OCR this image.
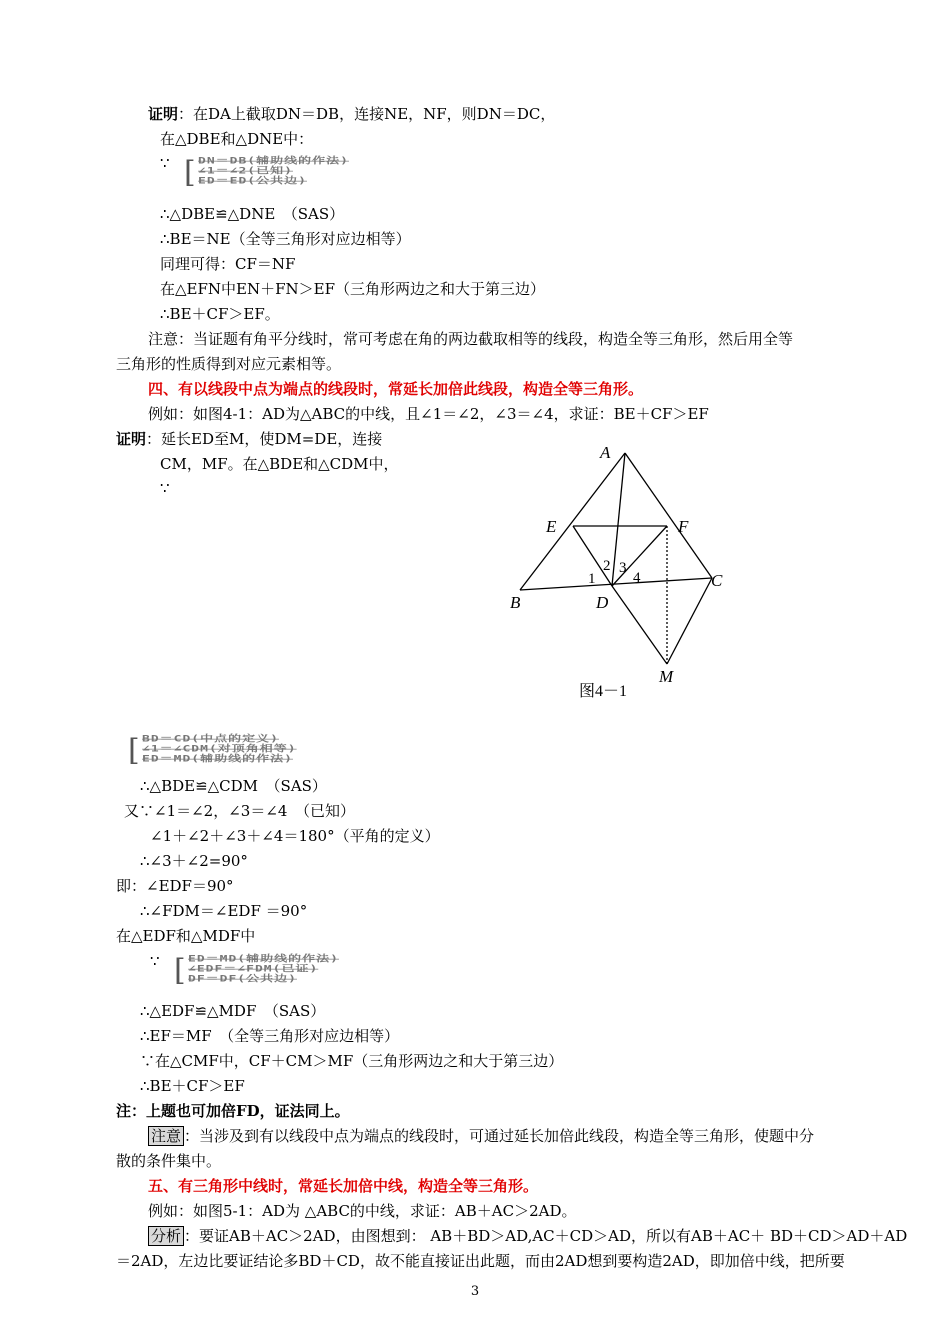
证明：在DA上截取DN＝DB，连接NE，NF，则DN＝DC，
在△DBE和△DNE中：
∵ [ DN＝DB(辅助线的作法)
∠1＝∠2(已知)
ED＝ED(公共边)
∴△DBE≌△DNE　（SAS）
∴BE＝NE（全等三角形对应边相等）
同理可得：CF＝NF
在△EFN中EN＋FN＞EF（三角形两边之和大于第三边）
∴BE＋CF＞EF。
注意：当证题有角平分线时，常可考虑在角的两边截取相等的线段，构造全等三角形，然后用全等
三角形的性质得到对应元素相等。
四、有以线段中点为端点的线段时，常延长加倍此线段，构造全等三角形。
例如：如图4-1：AD为△ABC的中线，且∠1＝∠2，∠3＝∠4，求证：BE＋CF＞EF
证明：延长ED至M，使DM=DE，连接
CM，MF。在△BDE和△CDM中，
∵
A
B
C
D
E	F
M
1
2 3
4
图4－1
[ BD＝CD(中点的定义)
∠1＝∠CDM(对顶角相等)
ED＝MD(辅助线的作法)
∴△BDE≌△CDM　（SAS）
又∵∠1＝∠2，∠3＝∠4　（已知）
∠1＋∠2＋∠3＋∠4＝180°（平角的定义）
∴∠3＋∠2=90°
即：∠EDF＝90°
∴∠FDM＝∠EDF ＝90°
在△EDF和△MDF中
∵ [ ED＝MD(辅助线的作法)
∠EDF＝∠FDM(已证)
DF＝DF(公共边)
∴△EDF≌△MDF　（SAS）
∴EF＝MF　（全等三角形对应边相等）
∵在△CMF中，CF＋CM＞MF（三角形两边之和大于第三边）
∴BE＋CF＞EF
注：上题也可加倍FD，证法同上。
注意 ：当涉及到有以线段中点为端点的线段时，可通过延长加倍此线段，构造全等三角形，使题中分
散的条件集中。
五、有三角形中线时，常延长加倍中线，构造全等三角形。
例如：如图5-1：AD为 △ABC的中线，求证：AB＋AC＞2AD。
分析 ：要证AB＋AC＞2AD，由图想到： AB＋BD＞AD,AC＋CD＞AD，所以有AB＋AC＋ BD＋CD＞AD＋AD
＝2AD，左边比要证结论多BD＋CD，故不能直接证出此题，而由2AD想到要构造2AD，即加倍中线，把所要
3
